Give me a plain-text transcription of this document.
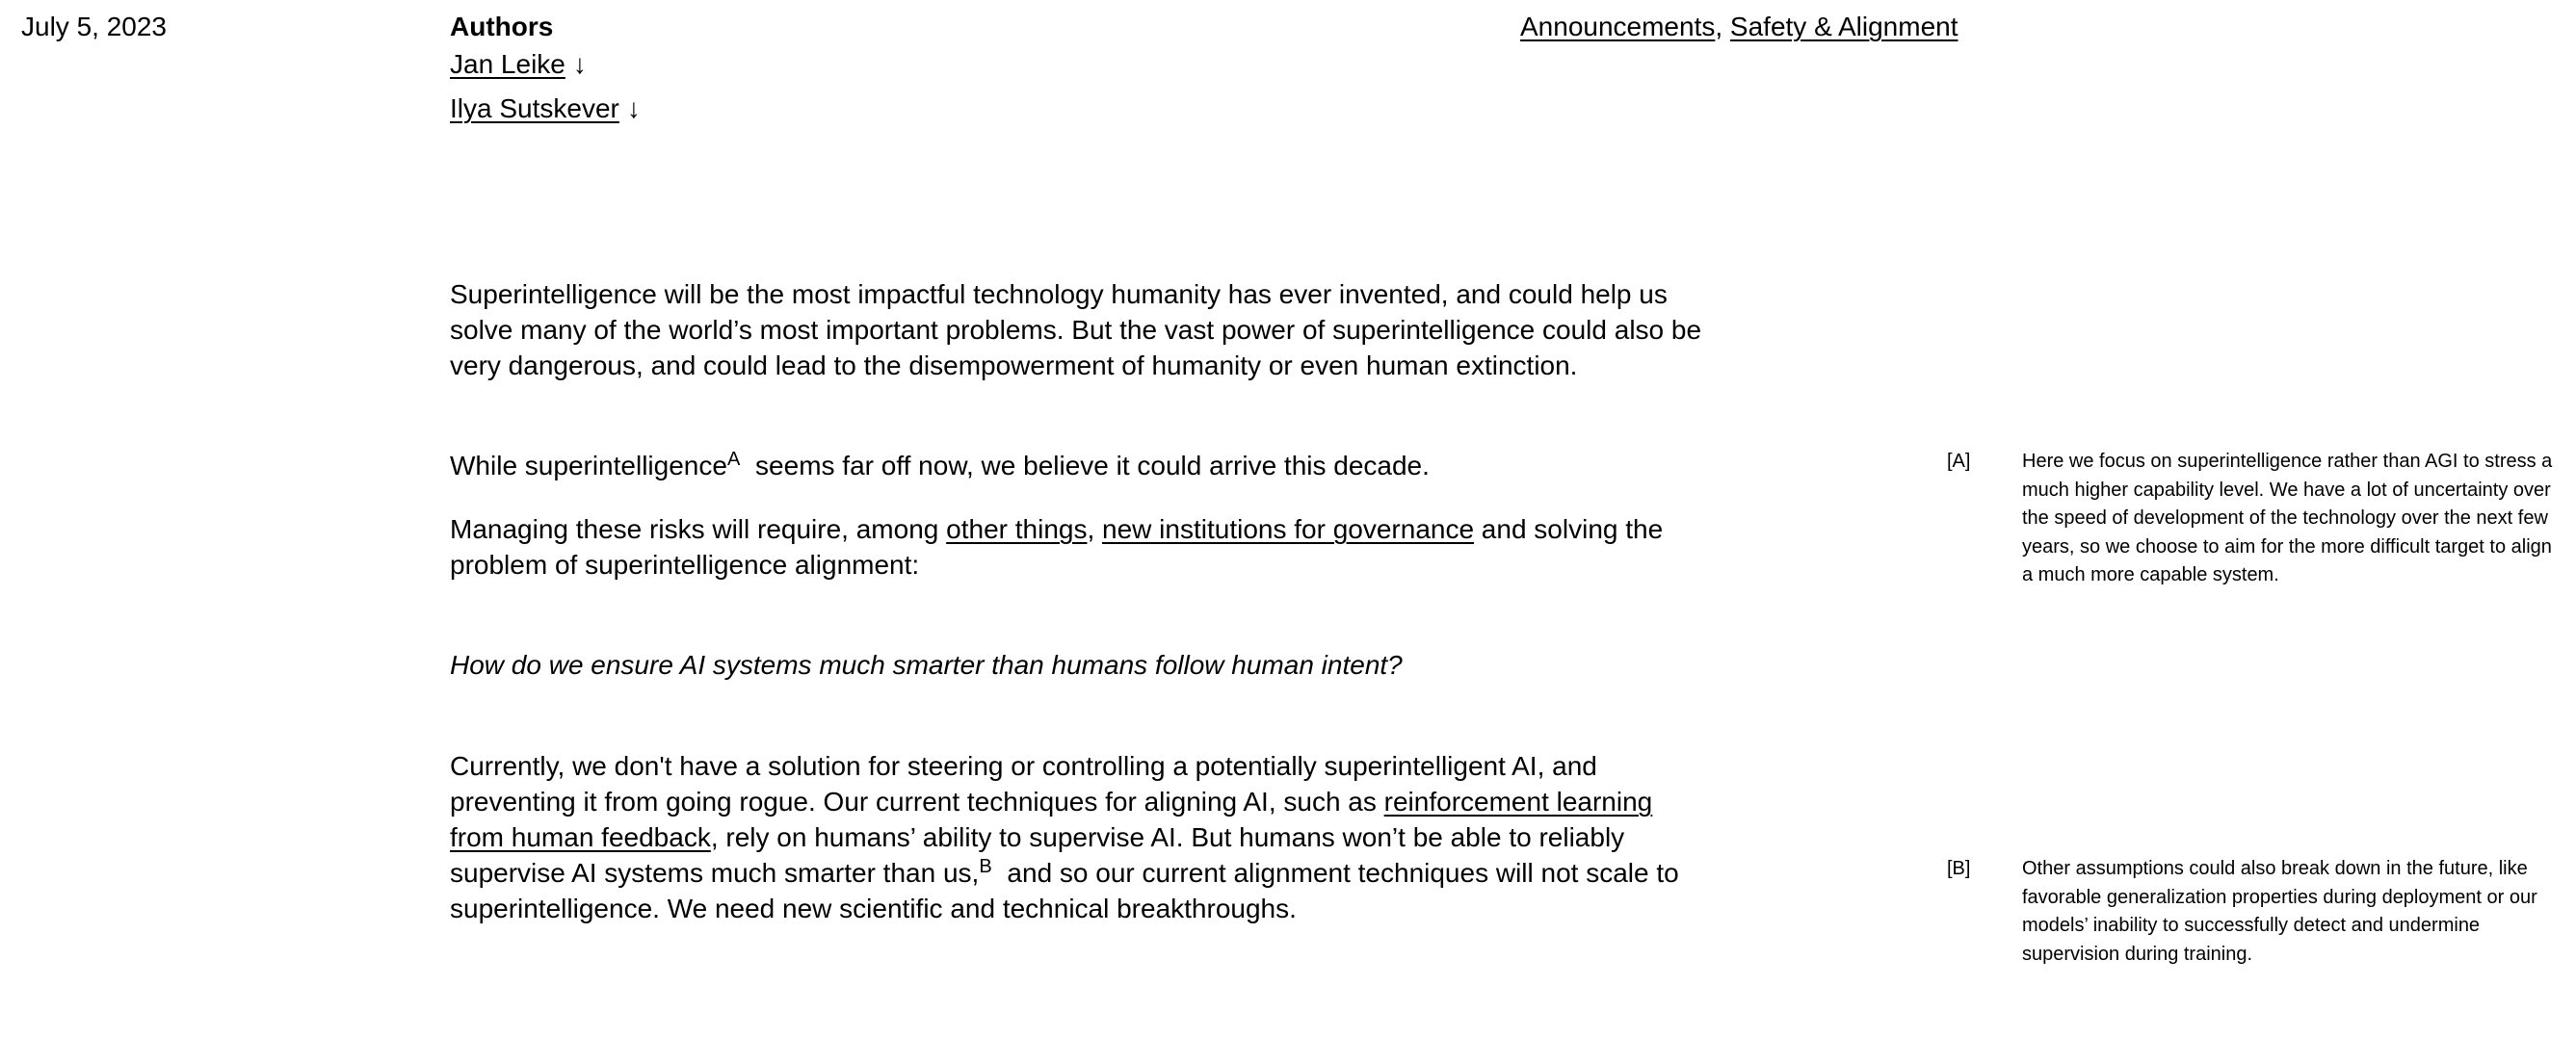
July 5, 2023	Authors
Jan Leike ↓
Ilya Sutskever ↓
Announcements, Safety & Alignment

Superintelligence will be the most impactful technology humanity has ever invented, and could help us solve many of the world’s most important problems. But the vast power of superintelligence could also be very dangerous, and could lead to the disempowerment of humanity or even human extinction.

While superintelligence$^A$ seems far off now, we believe it could arrive this decade.

Managing these risks will require, among other things, new institutions for governance and solving the problem of superintelligence alignment:

How do we ensure AI systems much smarter than humans follow human intent?

Currently, we don't have a solution for steering or controlling a potentially superintelligent AI, and preventing it from going rogue. Our current techniques for aligning AI, such as reinforcement learning from human feedback, rely on humans’ ability to supervise AI. But humans won’t be able to reliably supervise AI systems much smarter than us,$^B$ and so our current alignment techniques will not scale to superintelligence. We need new scientific and technical breakthroughs.

[A]	Here we focus on superintelligence rather than AGI to stress a much higher capability level. We have a lot of uncertainty over the speed of development of the technology over the next few years, so we choose to aim for the more difficult target to align a much more capable system.
[B]	Other assumptions could also break down in the future, like favorable generalization properties during deployment or our models’ inability to successfully detect and undermine supervision during training.
